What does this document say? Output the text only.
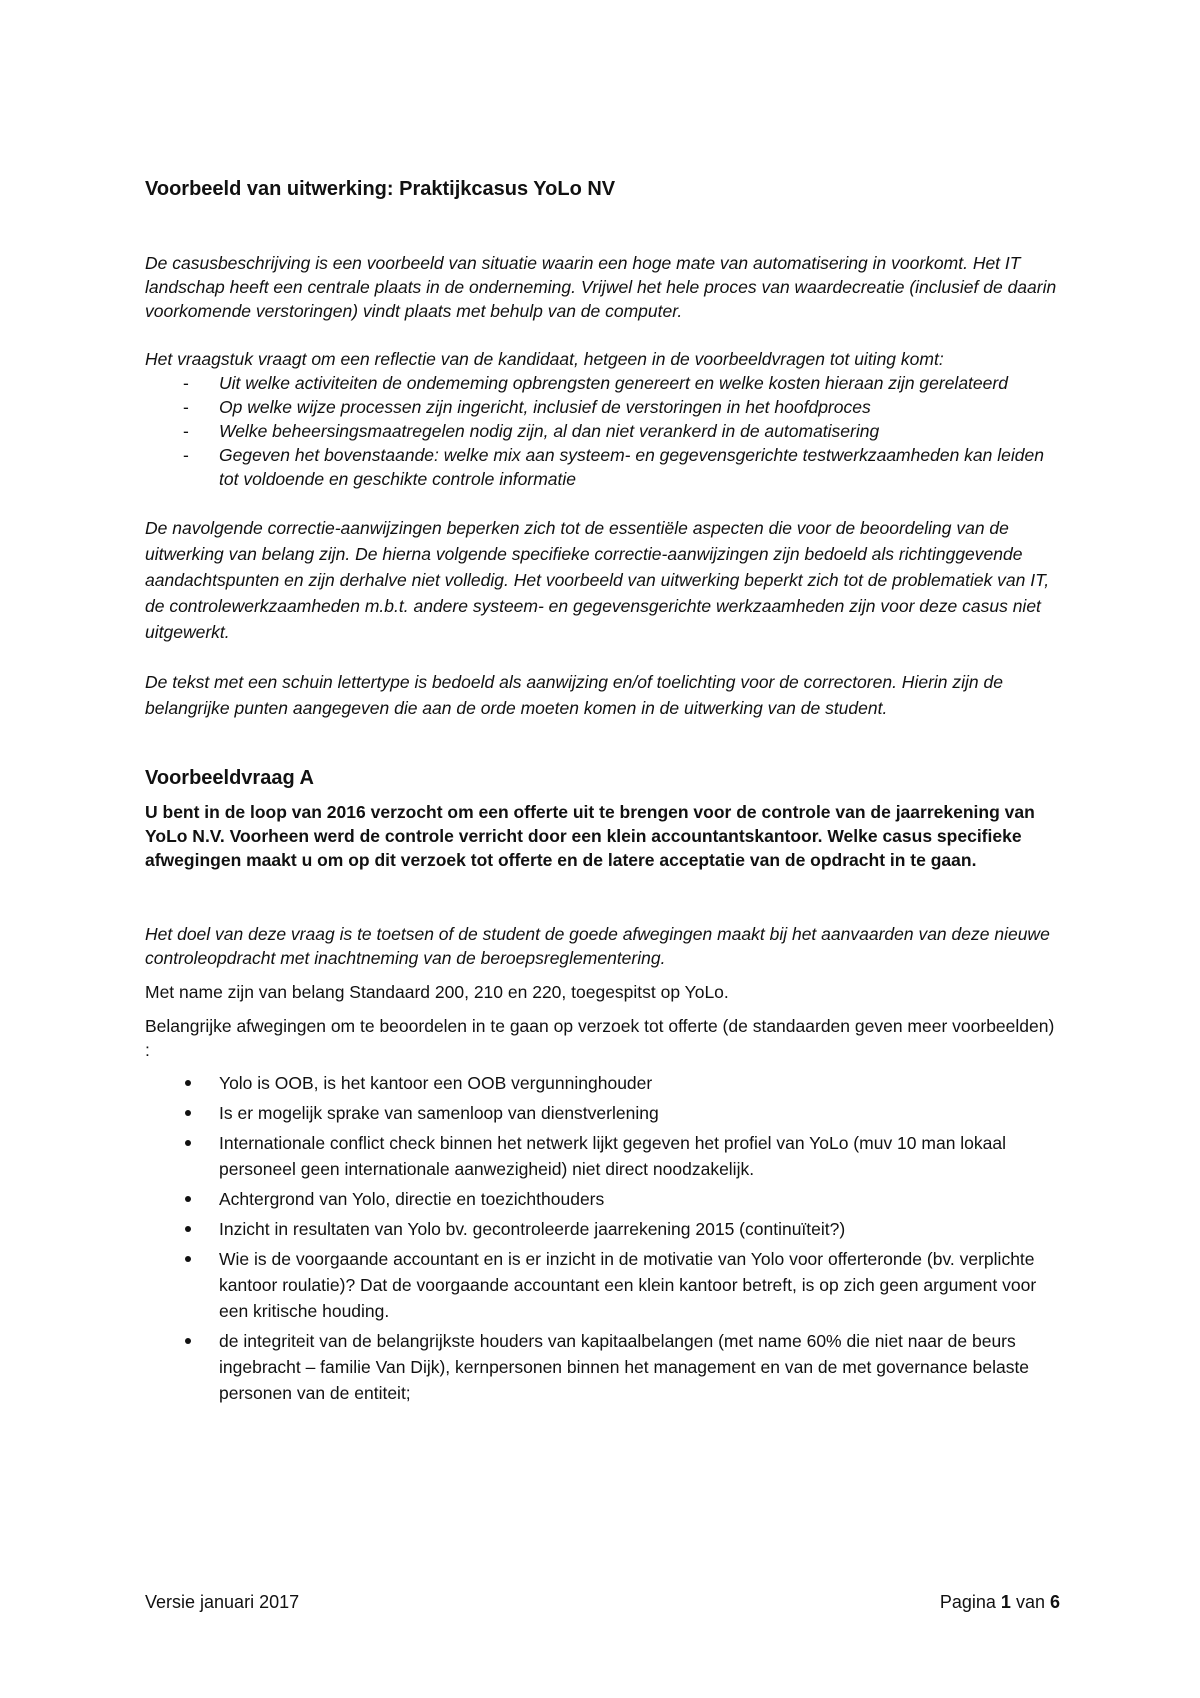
Voorbeeld van uitwerking: Praktijkcasus YoLo NV

De casusbeschrijving is een voorbeeld van situatie waarin een hoge mate van automatisering in voorkomt. Het IT landschap heeft een centrale plaats in de onderneming. Vrijwel het hele proces van waardecreatie (inclusief de daarin voorkomende verstoringen) vindt plaats met behulp van de computer.

Het vraagstuk vraagt om een reflectie van de kandidaat, hetgeen in de voorbeeldvragen tot uiting komt:

- Uit welke activiteiten de ondememing opbrengsten genereert en welke kosten hieraan zijn gerelateerd
- Op welke wijze processen zijn ingericht, inclusief de verstoringen in het hoofdproces
- Welke beheersingsmaatregelen nodig zijn, al dan niet verankerd in de automatisering
- Gegeven het bovenstaande: welke mix aan systeem- en gegevensgerichte testwerkzaamheden kan leiden tot voldoende en geschikte controle informatie

De navolgende correctie-aanwijzingen beperken zich tot de essentiële aspecten die voor de beoordeling van de uitwerking van belang zijn. De hierna volgende specifieke correctie-aanwijzingen zijn bedoeld als richtinggevende aandachtspunten en zijn derhalve niet volledig. Het voorbeeld van uitwerking beperkt zich tot de problematiek van IT, de controlewerkzaamheden m.b.t. andere systeem- en gegevensgerichte werkzaamheden zijn voor deze casus niet uitgewerkt.

De tekst met een schuin lettertype is bedoeld als aanwijzing en/of toelichting voor de correctoren. Hierin zijn de belangrijke punten aangegeven die aan de orde moeten komen in de uitwerking van de student.

Voorbeeldvraag A

U bent in de loop van 2016 verzocht om een offerte uit te brengen voor de controle van de jaarrekening van YoLo N.V. Voorheen werd de controle verricht door een klein accountantskantoor. Welke casus specifieke afwegingen maakt u om op dit verzoek tot offerte en de latere acceptatie van de opdracht in te gaan.

Het doel van deze vraag is te toetsen of de student de goede afwegingen maakt bij het aanvaarden van deze nieuwe controleopdracht met inachtneming van de beroepsreglementering.

Met name zijn van belang Standaard 200, 210 en 220, toegespitst op YoLo.

Belangrijke afwegingen om te beoordelen in te gaan op verzoek tot offerte (de standaarden geven meer voorbeelden) :

Yolo is OOB, is het kantoor een OOB vergunninghouder
Is er mogelijk sprake van samenloop van dienstverlening
Internationale conflict check binnen het netwerk lijkt gegeven het profiel van YoLo (muv 10 man lokaal personeel geen internationale aanwezigheid) niet direct noodzakelijk.
Achtergrond van Yolo, directie en toezichthouders
Inzicht in resultaten van Yolo bv. gecontroleerde jaarrekening 2015 (continuïteit?)
Wie is de voorgaande accountant en is er inzicht in de motivatie van Yolo voor offerteronde (bv. verplichte kantoor roulatie)? Dat de voorgaande accountant een klein kantoor betreft, is op zich geen argument voor een kritische houding.
de integriteit van de belangrijkste houders van kapitaalbelangen (met name 60% die niet naar de beurs ingebracht – familie Van Dijk), kernpersonen binnen het management en van de met governance belaste personen van de entiteit;
Versie januari 2017	Pagina 1 van 6
